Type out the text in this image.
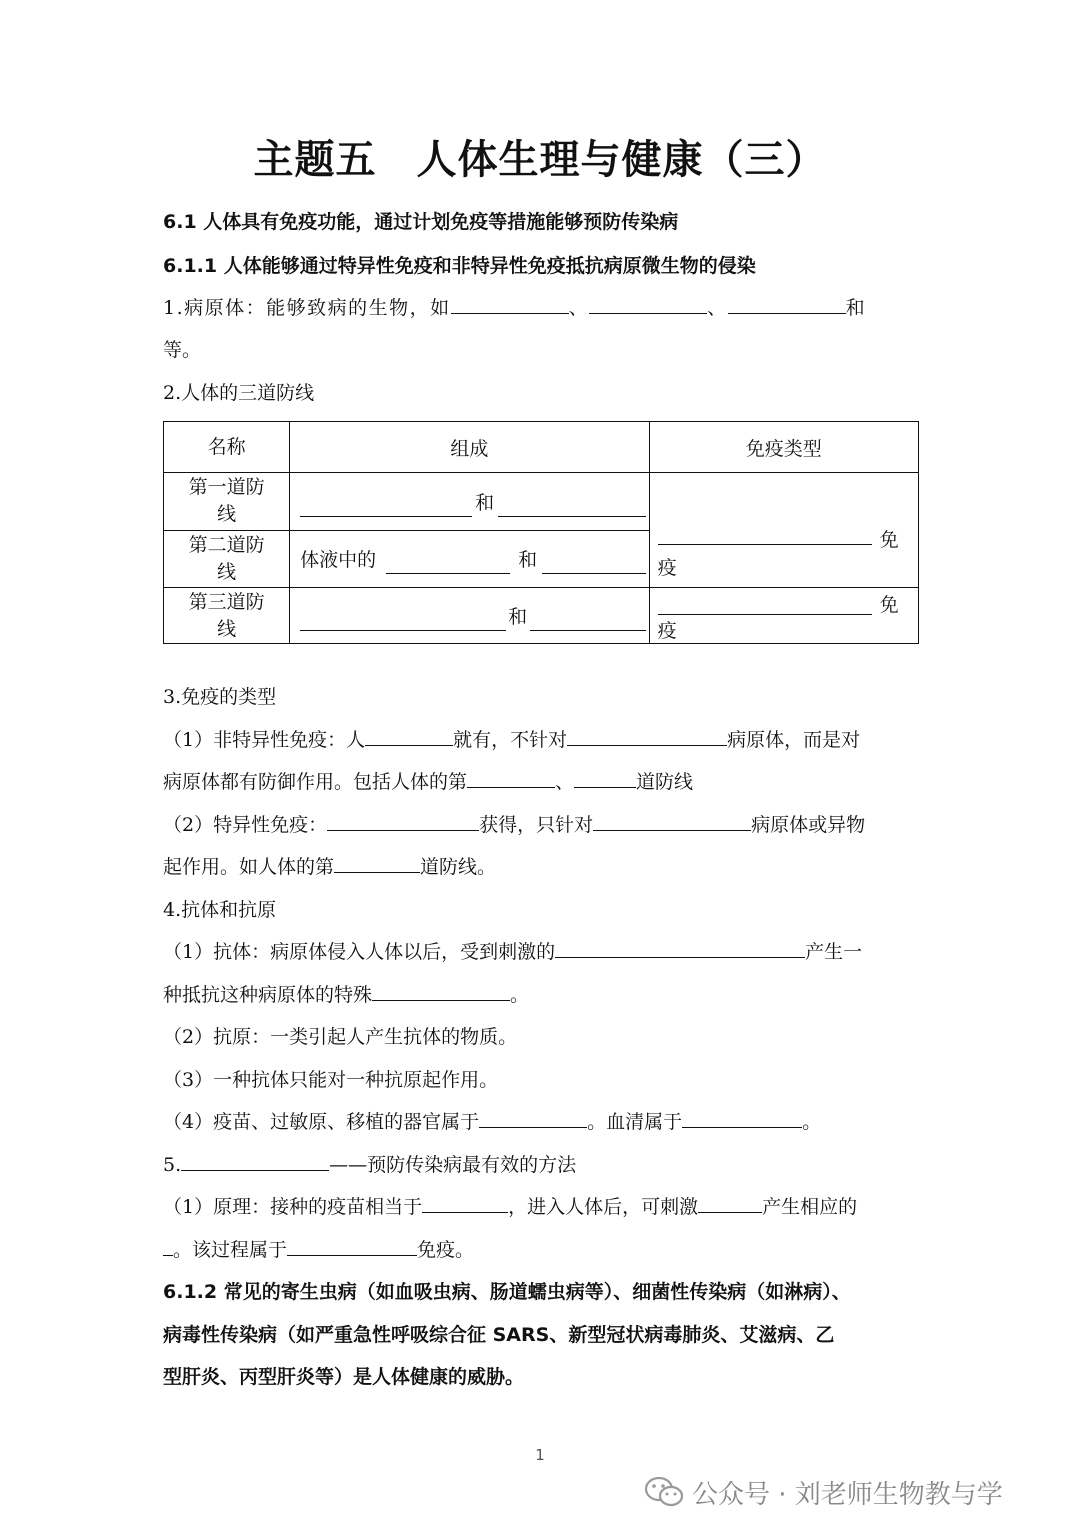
主题五 人体生理与健康（三）
6.1 人体具有免疫功能，通过计划免疫等措施能够预防传染病
6.1.1 人体能够通过特异性免疫和非特异性免疫抵抗病原微生物的侵染
1.病原体：能够致病的生物，如	、	、	和
等。
2.人体的三道防线
名称	组成	免疫类型
第一道防
线	和	免
疫

第二道防
线	体液中的 和	

第三道防
线	和	免
疫
3.免疫的类型
（1）非特异性免疫：人	就有，不针对	病原体，而是对
病原体都有防御作用。包括人体的第	、	道防线
（2）特异性免疫：	获得，只针对	病原体或异物
起作用。如人体的第	道防线。
4.抗体和抗原
（1）抗体：病原体侵入人体以后，受到刺激的	产生一
种抵抗这种病原体的特殊	。
（2）抗原：一类引起人产生抗体的物质。
（3）一种抗体只能对一种抗原起作用。
（4）疫苗、过敏原、移植的器官属于	。血清属于	。
5.	——预防传染病最有效的方法
（1）原理：接种的疫苗相当于	，进入人体后，可刺激	产生相应的
。该过程属于	免疫。
6.1.2 常见的寄生虫病（如血吸虫病、肠道蠕虫病等）、细菌性传染病（如淋病）、
病毒性传染病（如严重急性呼吸综合征 SARS、新型冠状病毒肺炎、艾滋病、乙
型肝炎、丙型肝炎等）是人体健康的威胁。
1
公众号 · 刘老师生物教与学
